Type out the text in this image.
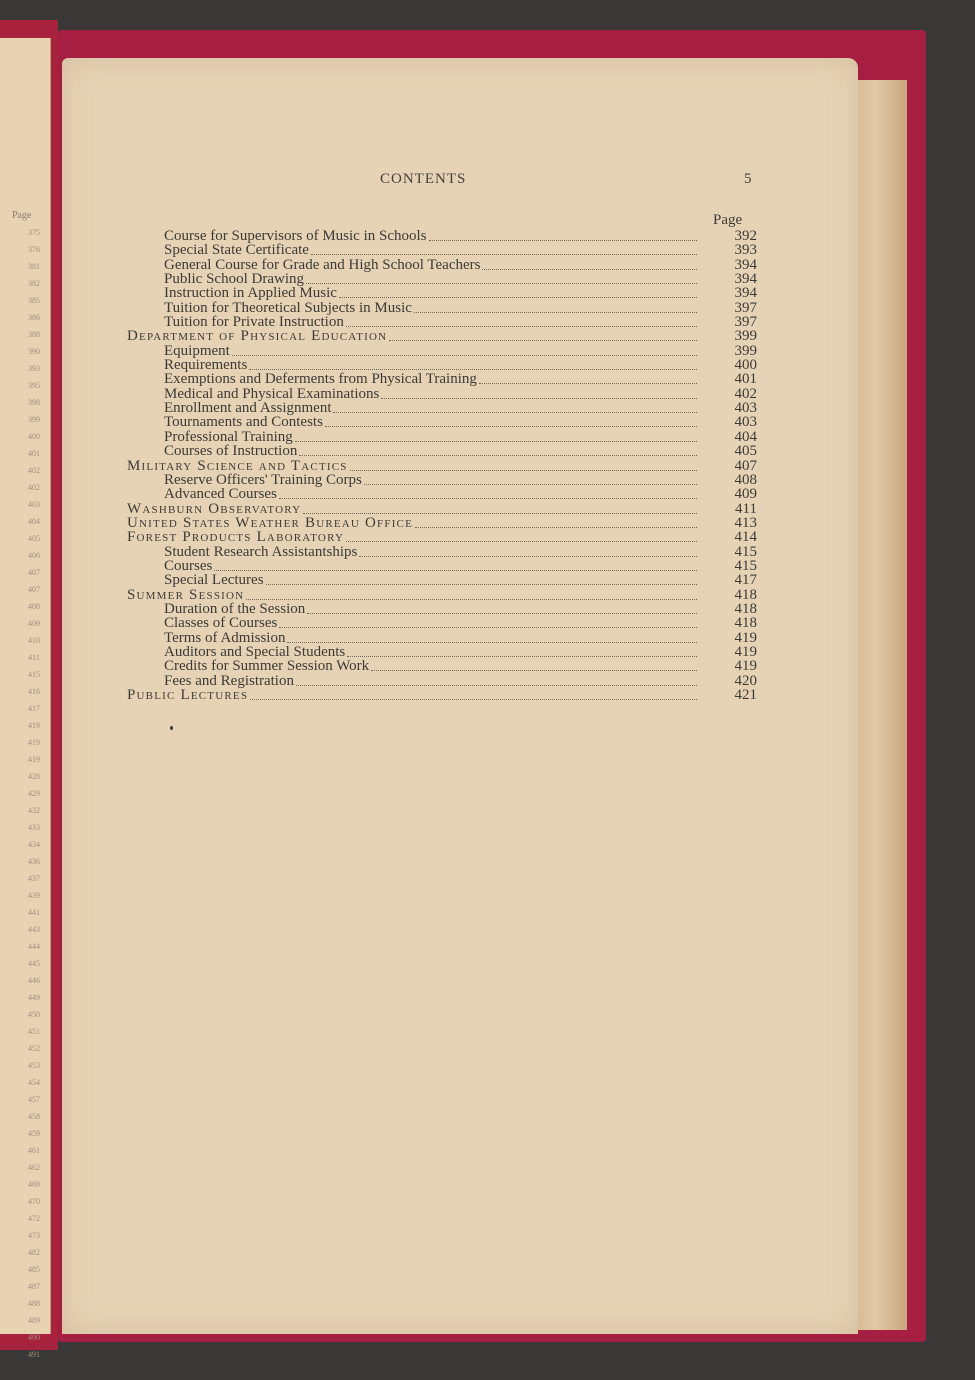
Page
375
376
381
382
385
386
388
390
393
395
398
399
400
401
402
402
403
404
405
406
407
407
408
409
410
411
415
416
417
419
419
419
428
429
432
433
434
436
437
439
441
443
444
445
446
449
450
451
452
453
454
457
458
459
461
462
469
470
472
473
482
485
487
488
489
490
491
CONTENTS	5
Page
Course for Supervisors of Music in Schools	392
Special State Certificate	393
General Course for Grade and High School Teachers	394
Public School Drawing	394
Instruction in Applied Music	394
Tuition for Theoretical Subjects in Music	397
Tuition for Private Instruction	397
Department of Physical Education	399
Equipment	399
Requirements	400
Exemptions and Deferments from Physical Training	401
Medical and Physical Examinations	402
Enrollment and Assignment	403
Tournaments and Contests	403
Professional Training	404
Courses of Instruction	405
Military Science and Tactics	407
Reserve Officers' Training Corps	408
Advanced Courses	409
Washburn Observatory	411
United States Weather Bureau Office	413
Forest Products Laboratory	414
Student Research Assistantships	415
Courses	415
Special Lectures	417
Summer Session	418
Duration of the Session	418
Classes of Courses	418
Terms of Admission	419
Auditors and Special Students	419
Credits for Summer Session Work	419
Fees and Registration	420
Public Lectures	421
